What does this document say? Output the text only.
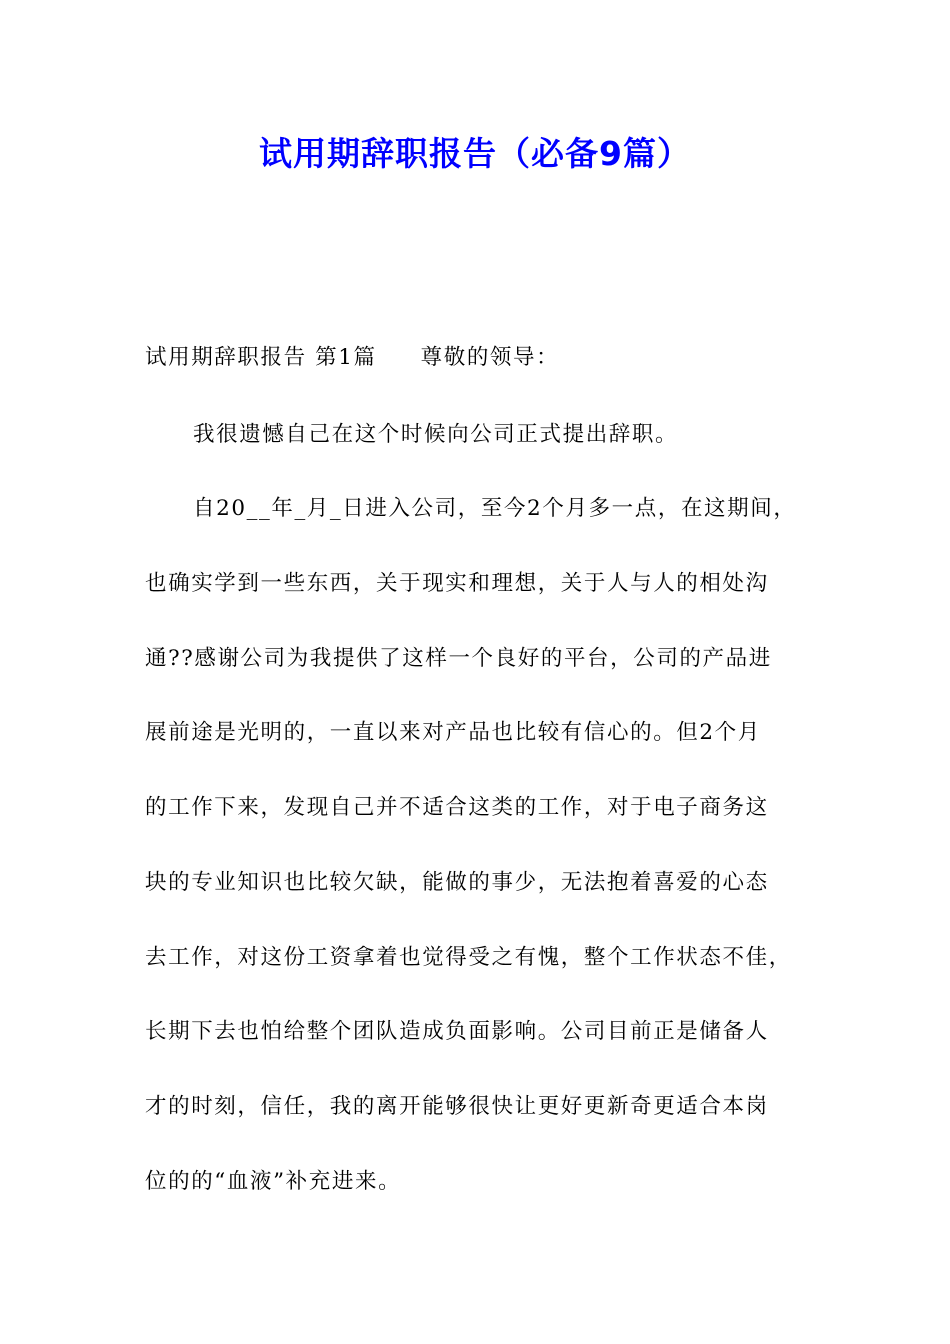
试用期辞职报告（必备9篇）
试用期辞职报告 第1篇 尊敬的领导：
我很遗憾自己在这个时候向公司正式提出辞职。
自20__年_月_日进入公司，至今2个月多一点，在这期间，
也确实学到一些东西，关于现实和理想，关于人与人的相处沟
通??感谢公司为我提供了这样一个良好的平台，公司的产品进
展前途是光明的，一直以来对产品也比较有信心的。但2个月
的工作下来，发现自己并不适合这类的工作，对于电子商务这
块的专业知识也比较欠缺，能做的事少，无法抱着喜爱的心态
去工作，对这份工资拿着也觉得受之有愧，整个工作状态不佳，
长期下去也怕给整个团队造成负面影响。公司目前正是储备人
才的时刻，信任，我的离开能够很快让更好更新奇更适合本岗
位的的“血液”补充进来。
